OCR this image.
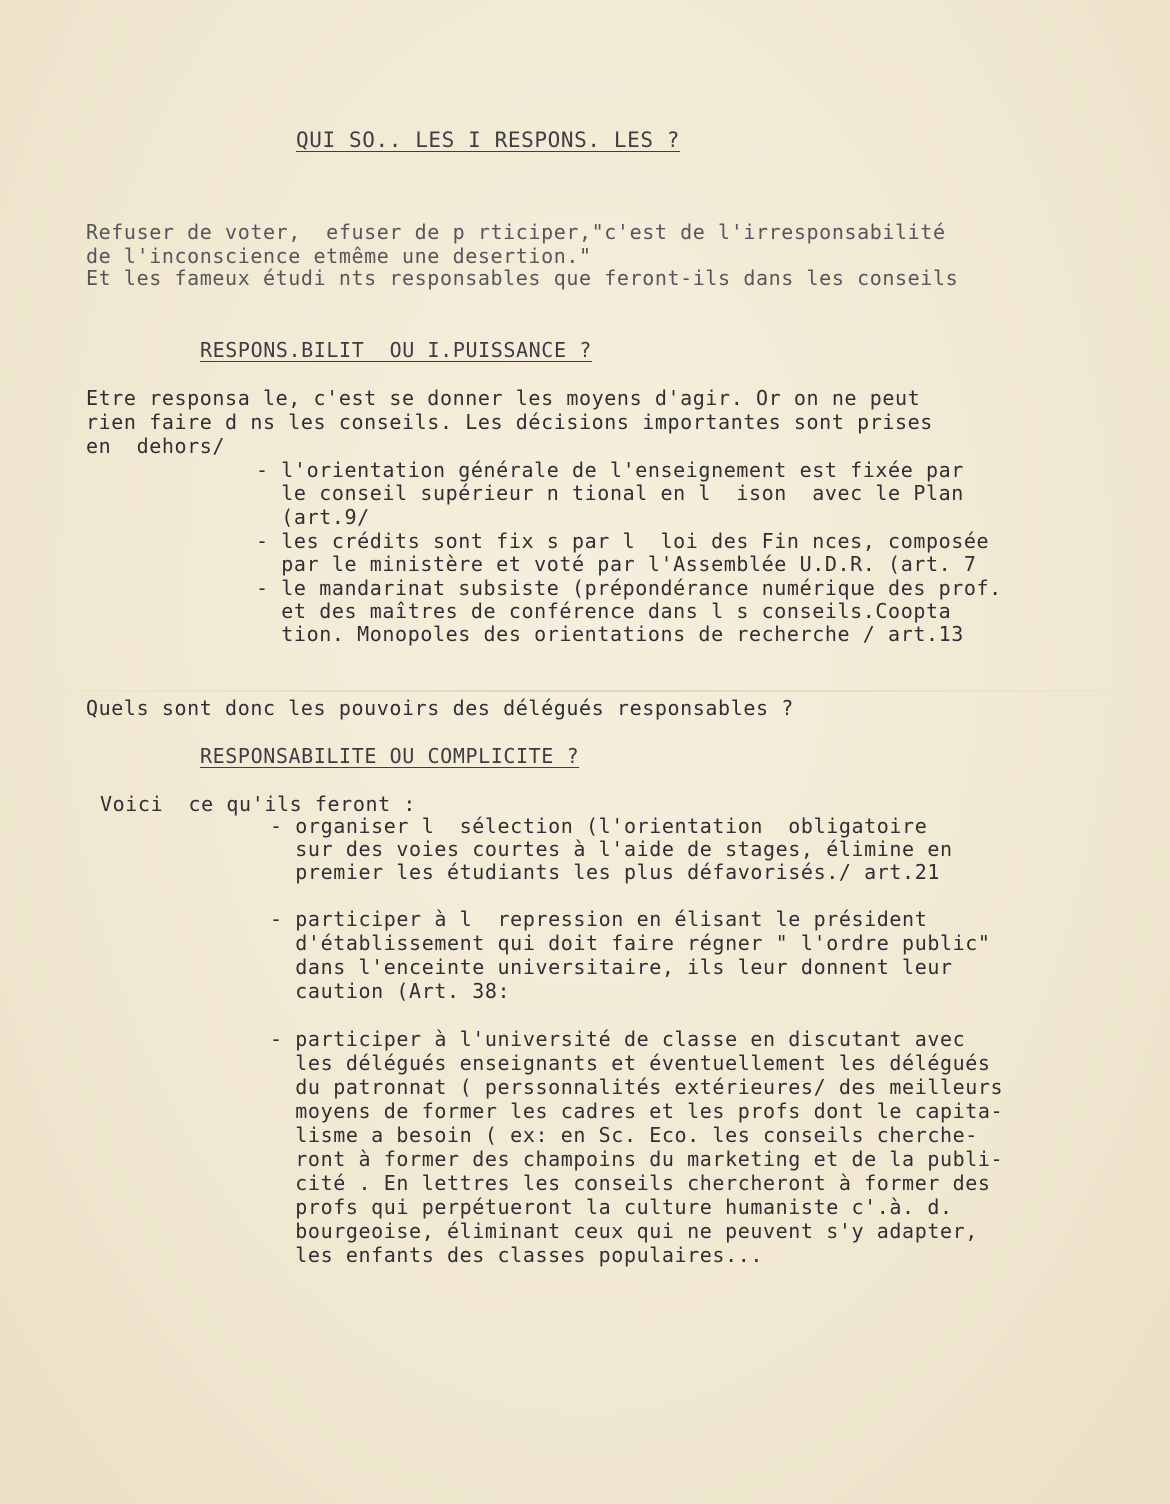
QUI SO.. LES I RESPONS. LES ?
Refuser de voter,  efuser de p rticiper,"c'est de l'irresponsabilité
de l'inconscience etmême une desertion."
Et les fameux étudi nts responsables que feront-ils dans les conseils
RESPONS.BILIT  OU I.PUISSANCE ?
Etre responsa le, c'est se donner les moyens d'agir. Or on ne peut
rien faire d ns les conseils. Les décisions importantes sont prises
en  dehors/
- l'orientation générale de l'enseignement est fixée par
le conseil supérieur n tional en l  ison  avec le Plan
(art.9/
- les crédits sont fix s par l  loi des Fin nces, composée
par le ministère et voté par l'Assemblée U.D.R. (art. 7
- le mandarinat subsiste (prépondérance numérique des prof.
et des maîtres de conférence dans l s conseils.Coopta
tion. Monopoles des orientations de recherche / art.13
Quels sont donc les pouvoirs des délégués responsables ?
RESPONSABILITE OU COMPLICITE ?
Voici  ce qu'ils feront :
- organiser l  sélection (l'orientation  obligatoire
sur des voies courtes à l'aide de stages, élimine en
premier les étudiants les plus défavorisés./ art.21
- participer à l  repression en élisant le président
d'établissement qui doit faire régner " l'ordre public"
dans l'enceinte universitaire, ils leur donnent leur
caution (Art. 38:
- participer à l'université de classe en discutant avec
les délégués enseignants et éventuellement les délégués
du patronnat ( perssonnalités extérieures/ des meilleurs
moyens de former les cadres et les profs dont le capita-
lisme a besoin ( ex: en Sc. Eco. les conseils cherche-
ront à former des champoins du marketing et de la publi-
cité . En lettres les conseils chercheront à former des
profs qui perpétueront la culture humaniste c'.à. d.
bourgeoise, éliminant ceux qui ne peuvent s'y adapter,
les enfants des classes populaires...
